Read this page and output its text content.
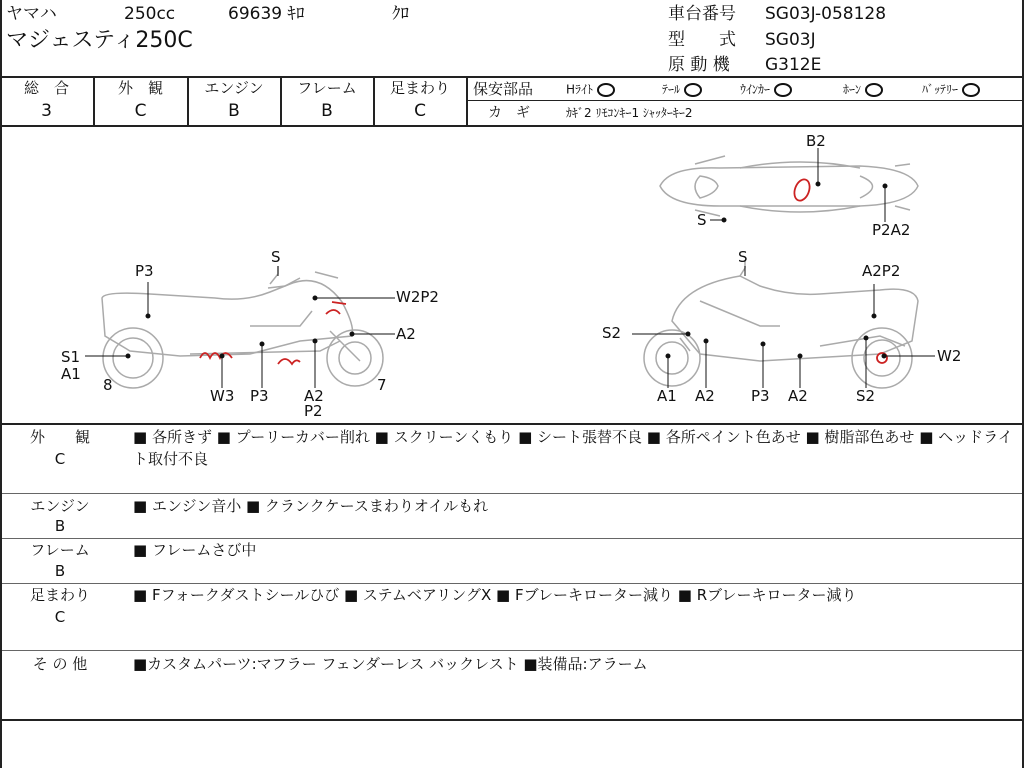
ヤマハ	250cc	69639 ｷﾛ	ｸﾛ
マジェスティ250C
車台番号 SG03J-058128
型　　式 SG03J
原 動 機 G312E
総　合	外　観	エンジン	フレーム	足まわり
3	C	B	B	C
保安部品	Hﾗｲﾄ	ﾃｰﾙ	ｳｲﾝｶｰ	ﾎｰﾝ	ﾊﾞｯﾃﾘｰ
カ　ギ	ｶｷﾞ2 ﾘﾓｺﾝｷｰ1 ｼｬｯﾀｰｷｰ2
B2
S
P2A2
S
P3
W2P2
A2
S1
A1
8
W3 P3 A2
P2
7
S
A2P2
S2
W2
A1 A2 P3 A2	S2
外　　観
C
■ 各所きず ■ プーリーカバー削れ ■ スクリーンくもり ■ シート張替不良 ■ 各所ペイント色あせ ■ 樹脂部色あせ ■ ヘッドライト取付不良
エンジン
B
■ エンジン音小 ■ クランクケースまわりオイルもれ
フレーム
B
■ フレームさび中
足まわり
C
■ Fフォークダストシールひび ■ ステムベアリングX ■ Fブレーキローター減り ■ Rブレーキローター減り
そ の 他	■カスタムパーツ:マフラー フェンダーレス バックレスト ■装備品:アラーム
